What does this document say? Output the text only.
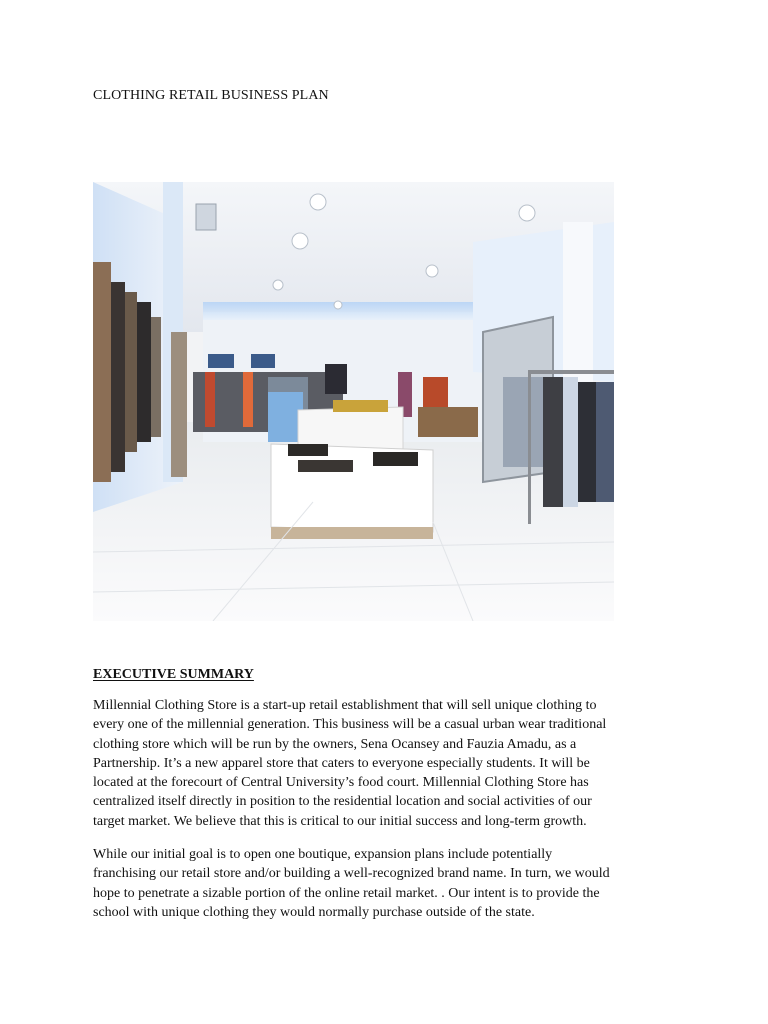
CLOTHING RETAIL BUSINESS PLAN
EXECUTIVE SUMMARY

Millennial Clothing Store is a start-up retail establishment that will sell unique clothing to
every one of the millennial generation. This business will be a casual urban wear traditional
clothing store which will be run by the owners, Sena Ocansey and Fauzia Amadu, as a
Partnership. It’s a new apparel store that caters to everyone especially students. It will be
located at the forecourt of Central University’s food court. Millennial Clothing Store has
centralized itself directly in position to the residential location and social activities of our
target market. We believe that this is critical to our initial success and long-term growth.

While our initial goal is to open one boutique, expansion plans include potentially
franchising our retail store and/or building a well-recognized brand name. In turn, we would
hope to penetrate a sizable portion of the online retail market. . Our intent is to provide the
school with unique clothing they would normally purchase outside of the state.
